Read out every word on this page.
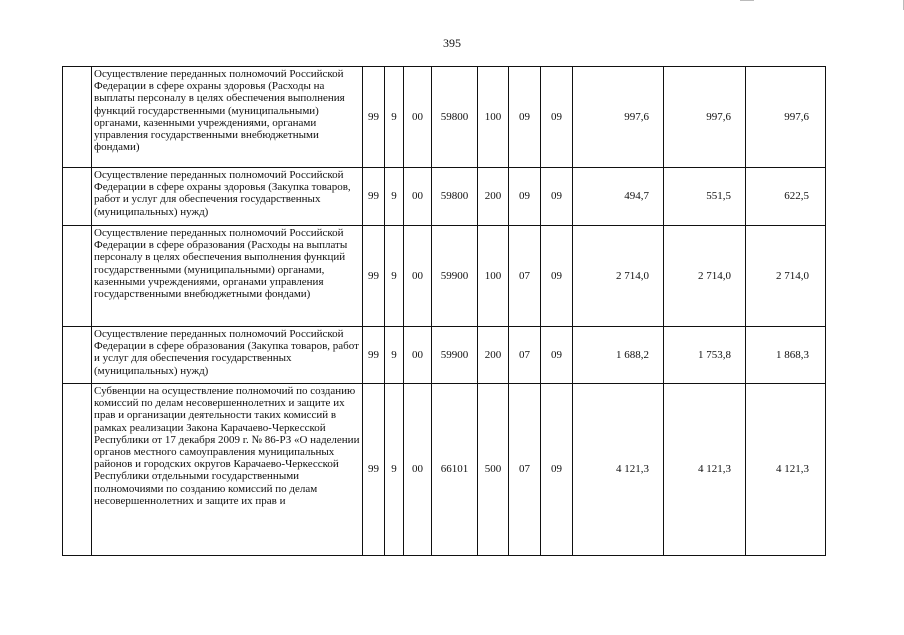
395

	Осуществление переданных полномочий Российской Федерации в сфере охраны здоровья (Расходы на выплаты персоналу в целях обеспечения выполнения функций государственными (муниципальными) органами, казенными учреждениями, органами управления государственными внебюджетными фондами)	99	9	00	59800	100	09	09	997,6	997,6	997,6

	Осуществление переданных полномочий Российской Федерации в сфере охраны здоровья (Закупка товаров, работ и услуг для обеспечения государственных (муниципальных) нужд)	99	9	00	59800	200	09	09	494,7	551,5	622,5

	Осуществление переданных полномочий Российской Федерации в сфере образования (Расходы на выплаты персоналу в целях обеспечения выполнения функций государственными (муниципальными) органами, казенными учреждениями, органами управления государственными внебюджетными фондами)	99	9	00	59900	100	07	09	2 714,0	2 714,0	2 714,0

	Осуществление переданных полномочий Российской Федерации в сфере образования (Закупка товаров, работ и услуг для обеспечения государственных (муниципальных) нужд)	99	9	00	59900	200	07	09	1 688,2	1 753,8	1 868,3

	Субвенции на осуществление полномочий по созданию комиссий по делам несовершеннолетних и защите их прав и организации деятельности таких комиссий в рамках реализации Закона Карачаево-Черкесской Республики от 17 декабря 2009 г. № 86-РЗ «О наделении органов местного самоуправления муниципальных районов и городских округов Карачаево-Черкесской Республики отдельными государственными полномочиями по созданию комиссий по делам несовершеннолетних и защите их прав и	99	9	00	66101	500	07	09	4 121,3	4 121,3	4 121,3
